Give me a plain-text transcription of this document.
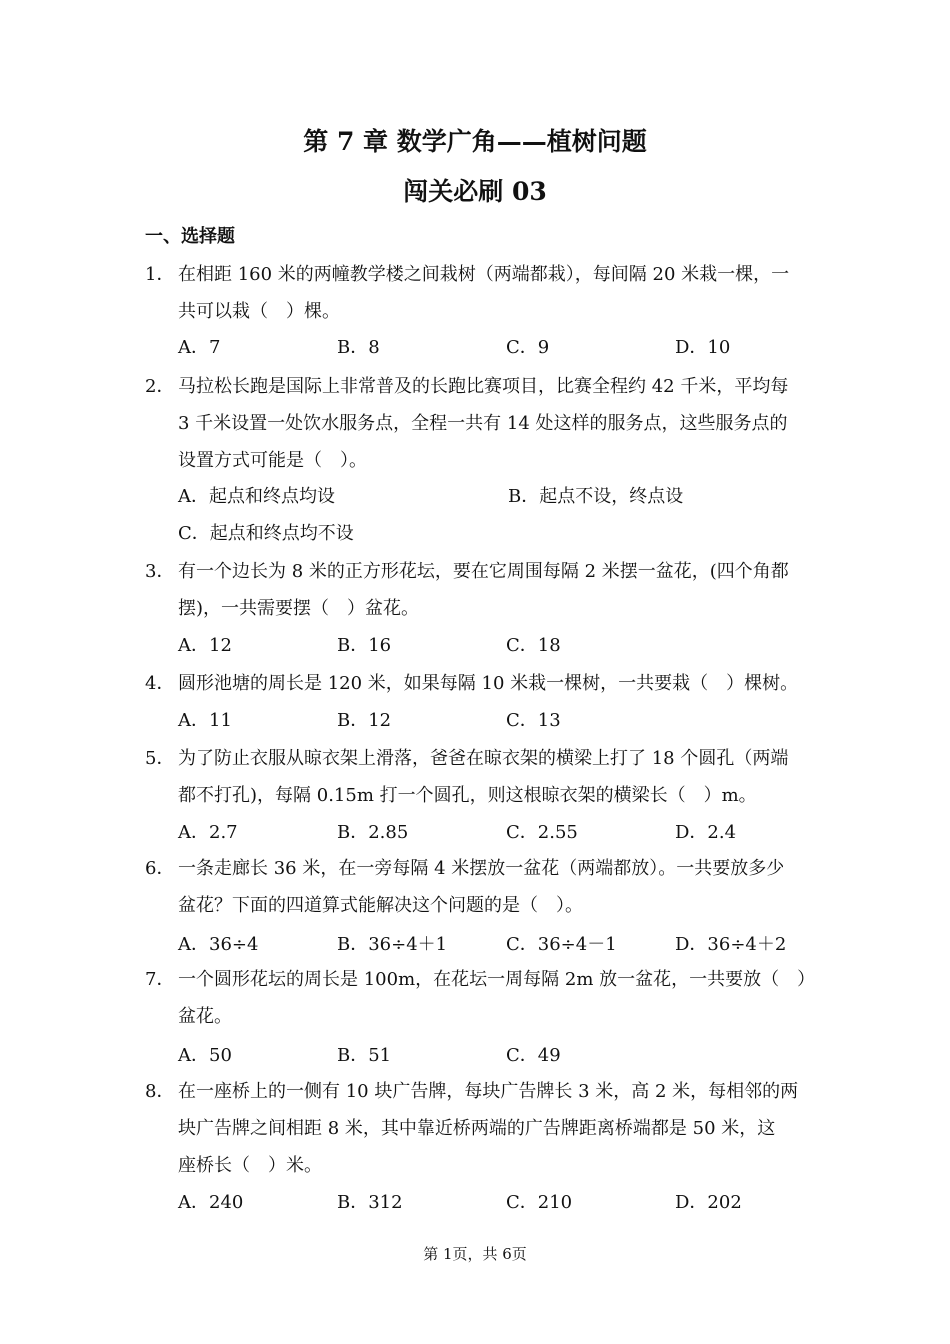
第 7 章 数学广角——植树问题
闯关必刷 03
一、选择题
1． 在相距 160 米的两幢教学楼之间栽树（两端都栽），每间隔 20 米栽一棵，一
共可以栽（　）棵。
A．7	B．8	C．9	D．10
2． 马拉松长跑是国际上非常普及的长跑比赛项目，比赛全程约 42 千米，平均每
3 千米设置一处饮水服务点，全程一共有 14 处这样的服务点，这些服务点的
设置方式可能是（　）。
A．起点和终点均设	B．起点不设，终点设
C．起点和终点均不设
3． 有一个边长为 8 米的正方形花坛，要在它周围每隔 2 米摆一盆花，(四个角都
摆)，一共需要摆（　）盆花。
A．12	B．16	C．18
4． 圆形池塘的周长是 120 米，如果每隔 10 米栽一棵树，一共要栽（　）棵树。
A．11	B．12	C．13
5． 为了防止衣服从晾衣架上滑落，爸爸在晾衣架的横梁上打了 18 个圆孔（两端
都不打孔)，每隔 0.15m 打一个圆孔，则这根晾衣架的横梁长（　）m。
A．2.7	B．2.85	C．2.55	D．2.4
6． 一条走廊长 36 米，在一旁每隔 4 米摆放一盆花（两端都放）。一共要放多少
盆花？下面的四道算式能解决这个问题的是（　）。
A．36÷4	B．36÷4＋1	C．36÷4－1	D．36÷4＋2
7． 一个圆形花坛的周长是 100m，在花坛一周每隔 2m 放一盆花，一共要放（　）
盆花。
A．50	B．51	C．49
8． 在一座桥上的一侧有 10 块广告牌，每块广告牌长 3 米，高 2 米，每相邻的两
块广告牌之间相距 8 米，其中靠近桥两端的广告牌距离桥端都是 50 米，这
座桥长（　）米。
A．240	B．312	C．210	D．202
第 1页，共 6页
